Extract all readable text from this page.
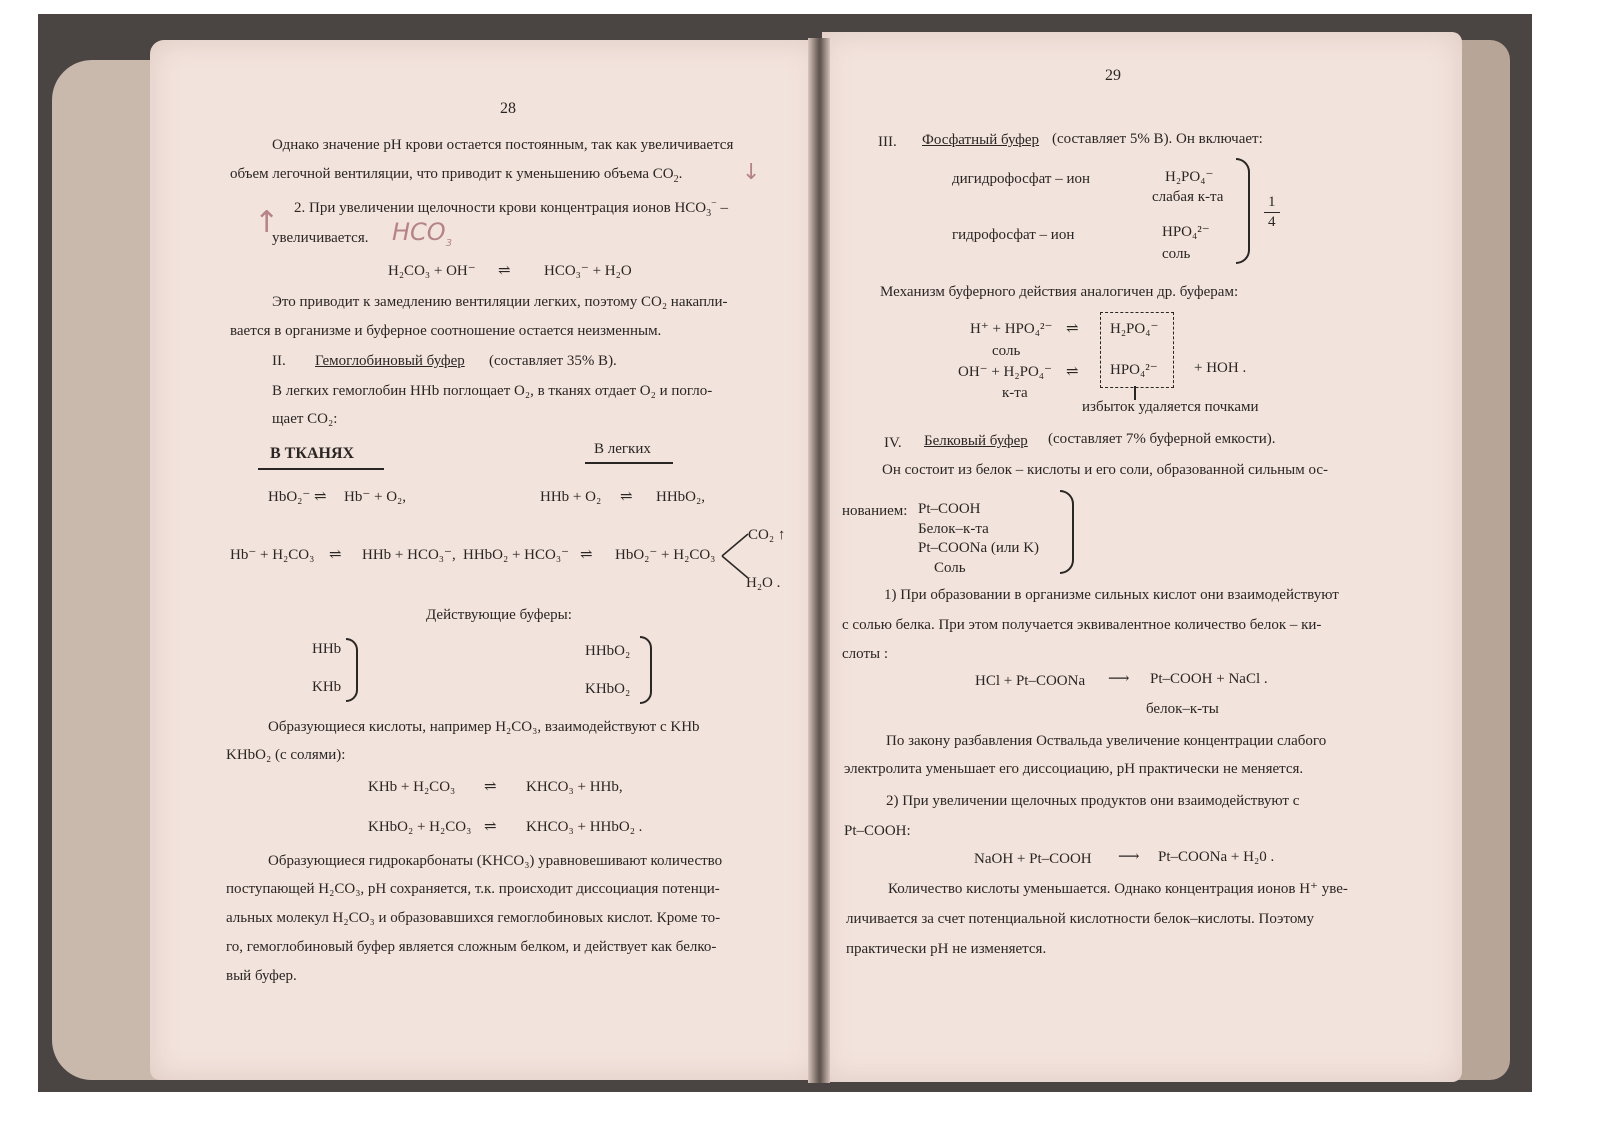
28
Однако значение pH крови остается постоянным, так как увеличивается
объем легочной вентиляции, что приводит к уменьшению объема $CO_2$.	↓
2. При увеличении щелочности крови концентрация ионов $HCO_3^-$ –
↑
увеличивается. $HCO_3$
H₂CO₃ + OH⁻ ⇌ HCO₃⁻ + H₂O
Это приводит к замедлению вентиляции легких, поэтому CO₂ накапли-
вается в организме и буферное соотношение остается неизменным.
II. Гемоглобиновый буфер (составляет 35% В).
В легких гемоглобин HHb поглощает O₂, в тканях отдает O₂ и погло-
щает CO₂:
В ТКАНЯХ	В легких
HbO₂⁻ ⇌ Hb⁻ + O₂,	HHb + O₂ ⇌ HHbO₂,
Hb⁻ + H₂CO₃ ⇌ HHb + HCO₃⁻, HHbO₂ + HCO₃⁻ ⇌ HbO₂⁻ + H₂CO₃
CO₂ ↑
H₂O .
Действующие буферы:
HHb
KHb
HHbO₂
KHbO₂
Образующиеся кислоты, например H₂CO₃, взаимодействуют с KHb
KHbO₂ (с солями):
KHb + H₂CO₃ ⇌ KHCO₃ + HHb,
KHbO₂ + H₂CO₃ ⇌ KHCO₃ + HHbO₂ .
Образующиеся гидрокарбонаты (KHCO₃) уравновешивают количество
поступающей H₂CO₃, pH сохраняется, т.к. происходит диссоциация потенци-
альных молекул H₂CO₃ и образовавшихся гемоглобиновых кислот. Кроме то-
го, гемоглобиновый буфер является сложным белком, и действует как белко-
вый буфер.
29
III. Фосфатный буфер (составляет 5% В). Он включает:
дигидрофосфат – ион	H₂PO₄⁻
слабая к-та
гидрофосфат – ион	HPO₄²⁻
соль
1
4
Механизм буферного действия аналогичен др. буферам:
H⁺ + HPO₄²⁻ ⇌ H₂PO₄⁻
соль
OH⁻ + H₂PO₄⁻ ⇌ HPO₄²⁻ + HOH .
к-та
избыток удаляется почками
IV. Белковый буфер (составляет 7% буферной емкости).
Он состоит из белок – кислоты и его соли, образованной сильным ос-
нованием: Pt–COOH
Белок–к-та
Pt–COONa (или K)
Соль
1) При образовании в организме сильных кислот они взаимодействуют
с солью белка. При этом получается эквивалентное количество белок – ки-
слоты :
HCl + Pt–COONa ⟶ Pt–COOH + NaCl .
белок–к-ты
По закону разбавления Оствальда увеличение концентрации слабого
электролита уменьшает его диссоциацию, pH практически не меняется.
2) При увеличении щелочных продуктов они взаимодействуют с
Pt–COOH:
NaOH + Pt–COOH ⟶ Pt–COONa + H₂0 .
Количество кислоты уменьшается. Однако концентрация ионов H⁺ уве-
личивается за счет потенциальной кислотности белок–кислоты. Поэтому
практически pH не изменяется.
